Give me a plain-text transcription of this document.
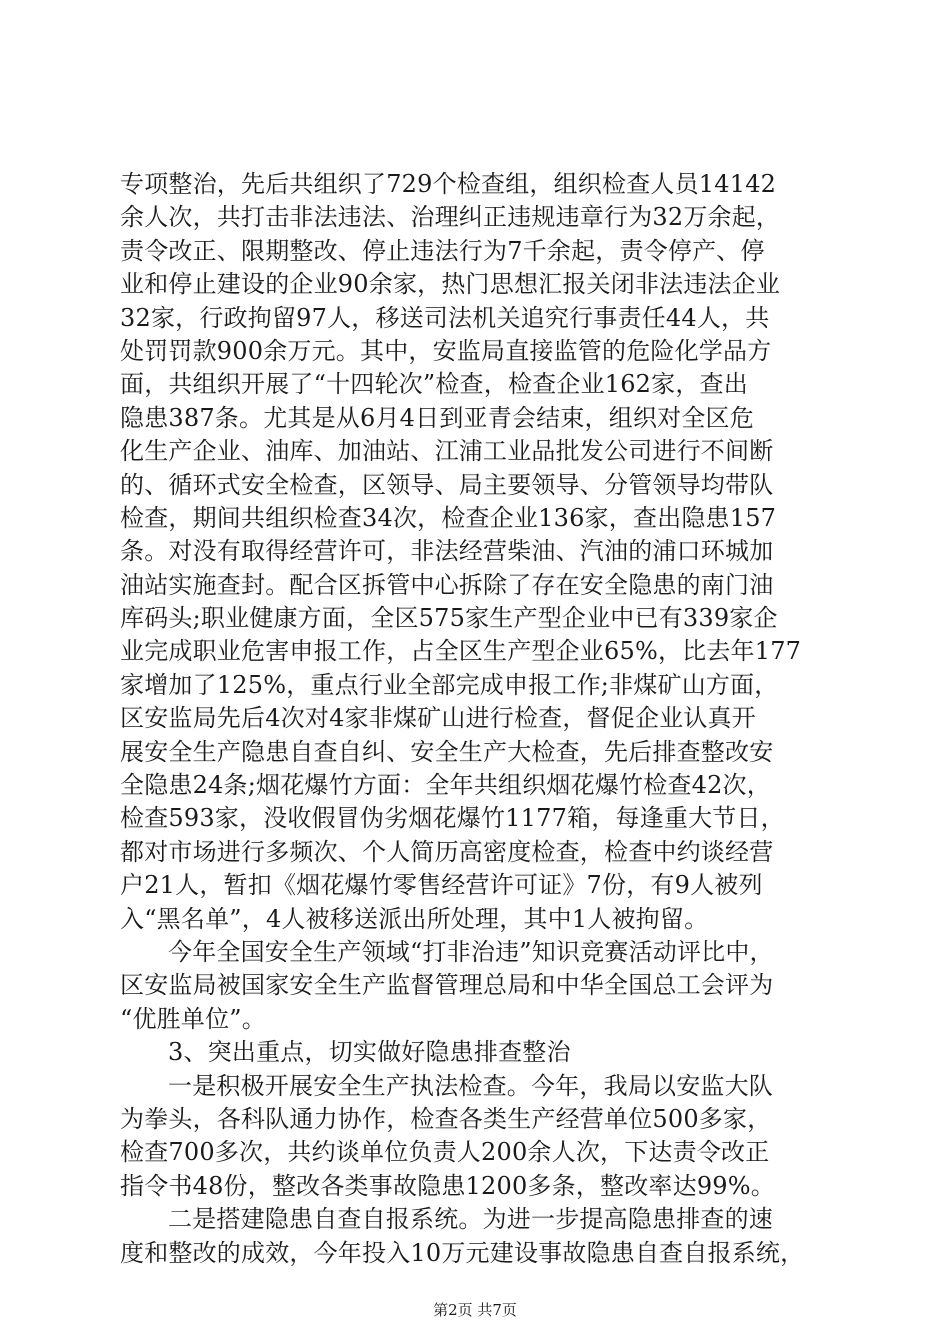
专项整治，先后共组织了729个检查组，组织检查人员14142
余人次，共打击非法违法、治理纠正违规违章行为32万余起，
责令改正、限期整改、停止违法行为7千余起，责令停产、停
业和停止建设的企业90余家，热门思想汇报关闭非法违法企业
32家，行政拘留97人，移送司法机关追究行事责任44人，共
处罚罚款900余万元。其中，安监局直接监管的危险化学品方
面，共组织开展了“十四轮次”检查，检查企业162家，查出
隐患387条。尤其是从6月4日到亚青会结束，组织对全区危
化生产企业、油库、加油站、江浦工业品批发公司进行不间断
的、循环式安全检查，区领导、局主要领导、分管领导均带队
检查，期间共组织检查34次，检查企业136家，查出隐患157
条。对没有取得经营许可，非法经营柴油、汽油的浦口环城加
油站实施查封。配合区拆管中心拆除了存在安全隐患的南门油
库码头;职业健康方面，全区575家生产型企业中已有339家企
业完成职业危害申报工作，占全区生产型企业65%，比去年177
家增加了125%，重点行业全部完成申报工作;非煤矿山方面，
区安监局先后4次对4家非煤矿山进行检查，督促企业认真开
展安全生产隐患自查自纠、安全生产大检查，先后排查整改安
全隐患24条;烟花爆竹方面：全年共组织烟花爆竹检查42次，
检查593家，没收假冒伪劣烟花爆竹1177箱，每逢重大节日，
都对市场进行多频次、个人简历高密度检查，检查中约谈经营
户21人，暂扣《烟花爆竹零售经营许可证》7份，有9人被列
入“黑名单”，4人被移送派出所处理，其中1人被拘留。
今年全国安全生产领域“打非治违”知识竞赛活动评比中，
区安监局被国家安全生产监督管理总局和中华全国总工会评为
“优胜单位”。
3、突出重点，切实做好隐患排查整治
一是积极开展安全生产执法检查。今年，我局以安监大队
为拳头，各科队通力协作，检查各类生产经营单位500多家，
检查700多次，共约谈单位负责人200余人次，下达责令改正
指令书48份，整改各类事故隐患1200多条，整改率达99%。
二是搭建隐患自查自报系统。为进一步提高隐患排查的速
度和整改的成效，今年投入10万元建设事故隐患自查自报系统，
第2页 共7页
